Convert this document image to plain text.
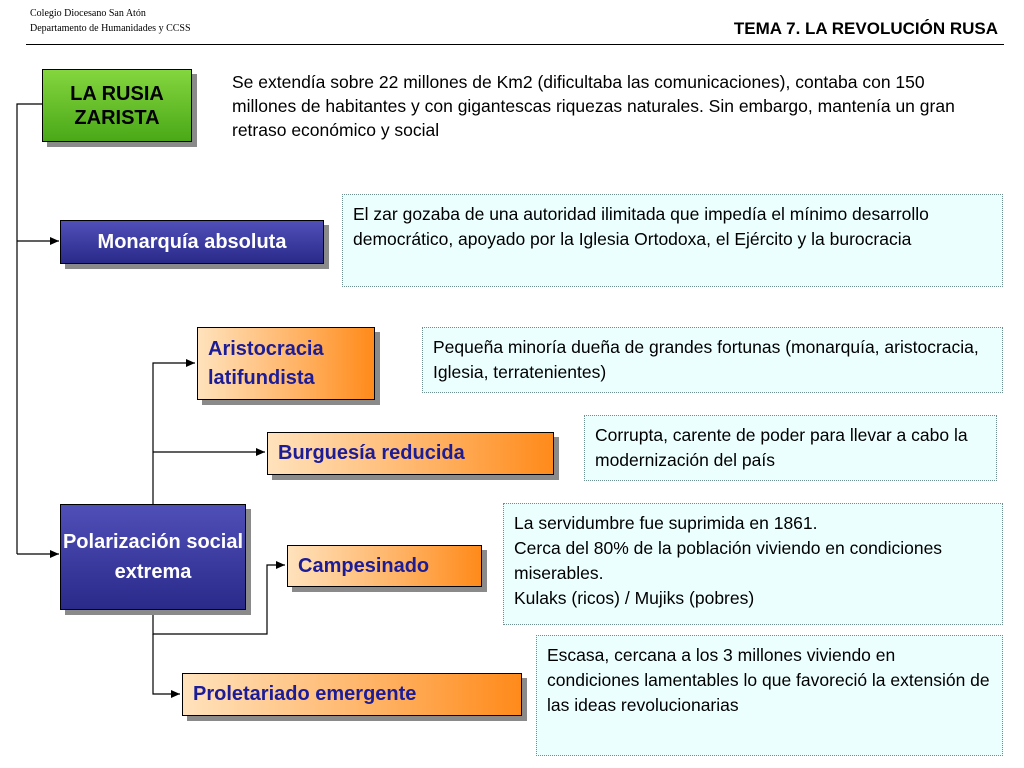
Colegio Diocesano San Atón
Departamento de Humanidades y CCSS	TEMA 7. LA REVOLUCIÓN RUSA
LA RUSIA ZARISTA
Monarquía absoluta
Aristocracia latifundista
Burguesía reducida
Polarización social extrema	Campesinado
Proletariado emergente
Se extendía sobre 22 millones de Km2 (dificultaba las comunicaciones), contaba con 150 millones de habitantes y con gigantescas riquezas naturales. Sin embargo, mantenía un gran retraso económico y social
El zar gozaba de una autoridad ilimitada que impedía el mínimo desarrollo democrático, apoyado por la Iglesia Ortodoxa, el Ejército y la burocracia
Pequeña minoría dueña de grandes fortunas (monarquía, aristocracia, Iglesia, terratenientes)
Corrupta, carente de poder para llevar a cabo la modernización del país
La servidumbre fue suprimida en 1861.
Cerca del 80% de la población viviendo en condiciones miserables.
Kulaks (ricos) / Mujiks (pobres)
Escasa, cercana a los 3 millones viviendo en condiciones lamentables lo que favoreció la extensión de las ideas revolucionarias
